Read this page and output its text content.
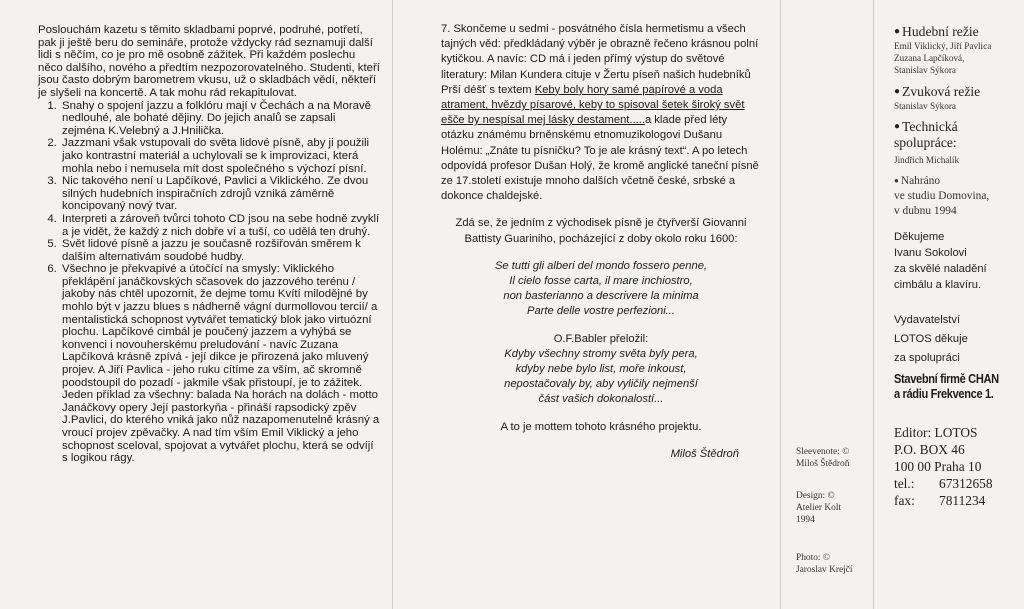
Poslouchám kazetu s těmito skladbami poprvé, podruhé, potřetí, pak ji ještě beru do semináře, protože vždycky rád seznamuji další lidi s něčím, co je pro mě osobně zážitek. Při každém poslechu něco dalšího, nového a předtím nezpozorovatelného. Studenti, kteří jsou často dobrým barometrem vkusu, už o skladbách vědí, někteří je slyšeli na koncertě. A tak mohu rád rekapitulovat.

1. Snahy o spojení jazzu a folklóru mají v Čechách a na Moravě nedlouhé, ale bohaté dějiny. Do jejich analů se zapsali zejména K.Velebný a J.Hnilička.
2. Jazzmani však vstupovali do světa lidové písně, aby ji použili jako kontrastní materiál a uchylovali se k improvizaci, která mohla nebo i nemusela mít dost společného s výchozí písní.
3. Nic takového není u Lapčíkové, Pavlici a Viklického. Ze dvou silných hudebních inspiračních zdrojů vzniká záměrně koncipovaný nový tvar.
4. Interpreti a zároveň tvůrci tohoto CD jsou na sebe hodně zvyklí a je vidět, že každý z nich dobře ví a tuší, co udělá ten druhý.
5. Svět lidové písně a jazzu je současně rozšiřován směrem k dalším alternativám soudobé hudby.
6. Všechno je překvapivé a útočící na smysly: Viklického překlápění janáčkovských sčasovek do jazzového terénu / jakoby nás chtěl upozornit, že dejme tomu Kvítí milodějné by mohlo být v jazzu blues s nádherně vágní durmollovou tercií/ a mentalistická schopnost vytvářet tematický blok jako virtuózní plochu. Lapčíkové cimbál je poučený jazzem a vyhýbá se konvenci i novouherskému preludování - navíc Zuzana Lapčíková krásně zpívá - její dikce je přirozená jako mluvený projev. A Jiří Pavlica - jeho ruku cítíme za vším, ač skromně poodstoupil do pozadí - jakmile však přistoupí, je to zážitek. Jeden příklad za všechny: balada Na horách na dolách - motto Janáčkovy opery Její pastorkyňa - přináší rapsodický zpěv J.Pavlici, do kterého vniká jako nůž nazapomenutelně krásný a vroucí projev zpěvačky. A nad tím vším Emil Viklický a jeho schopnost sceloval, spojovat a vytvářet plochu, která se odvíjí s logikou rágy.

7. Skončeme u sedmi - posvátného čísla hermetismu a všech tajných věd: předkládaný výběr je obrazně řečeno krásnou polní kytičkou. A navíc: CD má i jeden přímý výstup do světové literatury: Milan Kundera cituje v Žertu píseň našich hudebníků Prší déšť s textem Keby boly hory samé papírové a voda atrament, hvězdy písarové, keby to spisoval šetek široký svět ešče by nespísal mej lásky destament.....a klade před léty otázku známému brněnskému etnomuzikologovi Dušanu Holému: „Znáte tu písničku? To je ale krásný text“. A po letech odpovídá profesor Dušan Holý, že kromě anglické taneční písně ze 17.století existuje mnoho dalších včetně české, srbské a dokonce chaldejské.

Zdá se, že jedním z východisek písně je čtyřverší Giovanni Battisty Guariniho, pocházející z doby okolo roku 1600:

Se tutti gli alberi del mondo fossero penne,

Il cielo fosse carta, il mare inchiostro,

non basterianno a descrivere la minima

Parte delle vostre perfezioni...

O.F.Babler přeložil:

Kdyby všechny stromy světa byly pera,

kdyby nebe bylo list, moře inkoust,

nepostačovaly by, aby vyličily nejmenší

část vašich dokonalostí...

A to je mottem tohoto krásného projektu.

Miloš Štědroň	Sleevenote: ©
Miloš Štědroň
Design: ©
Atelier Kolt
1994
Photo: ©
Jaroslav Krejčí
● Hudební režie
Emil Viklický, Jiří Pavlica
Zuzana Lapčíková,
Stanislav Sýkora
● Zvuková režie
Stanislav Sýkora
● Technická
spolupráce:
Jindřich Michalík
● Nahráno
ve studiu Domovina,
v dubnu 1994
Děkujeme
Ivanu Sokolovi
za skvělé naladění
cimbálu a klavíru.
Vydavatelství
LOTOS děkuje
za spolupráci
Stavební firmě CHAN
a rádiu Frekvence 1.
Editor: LOTOS
P.O. BOX 46
100 00 Praha 10
tel.:	67312658
fax:	7811234
